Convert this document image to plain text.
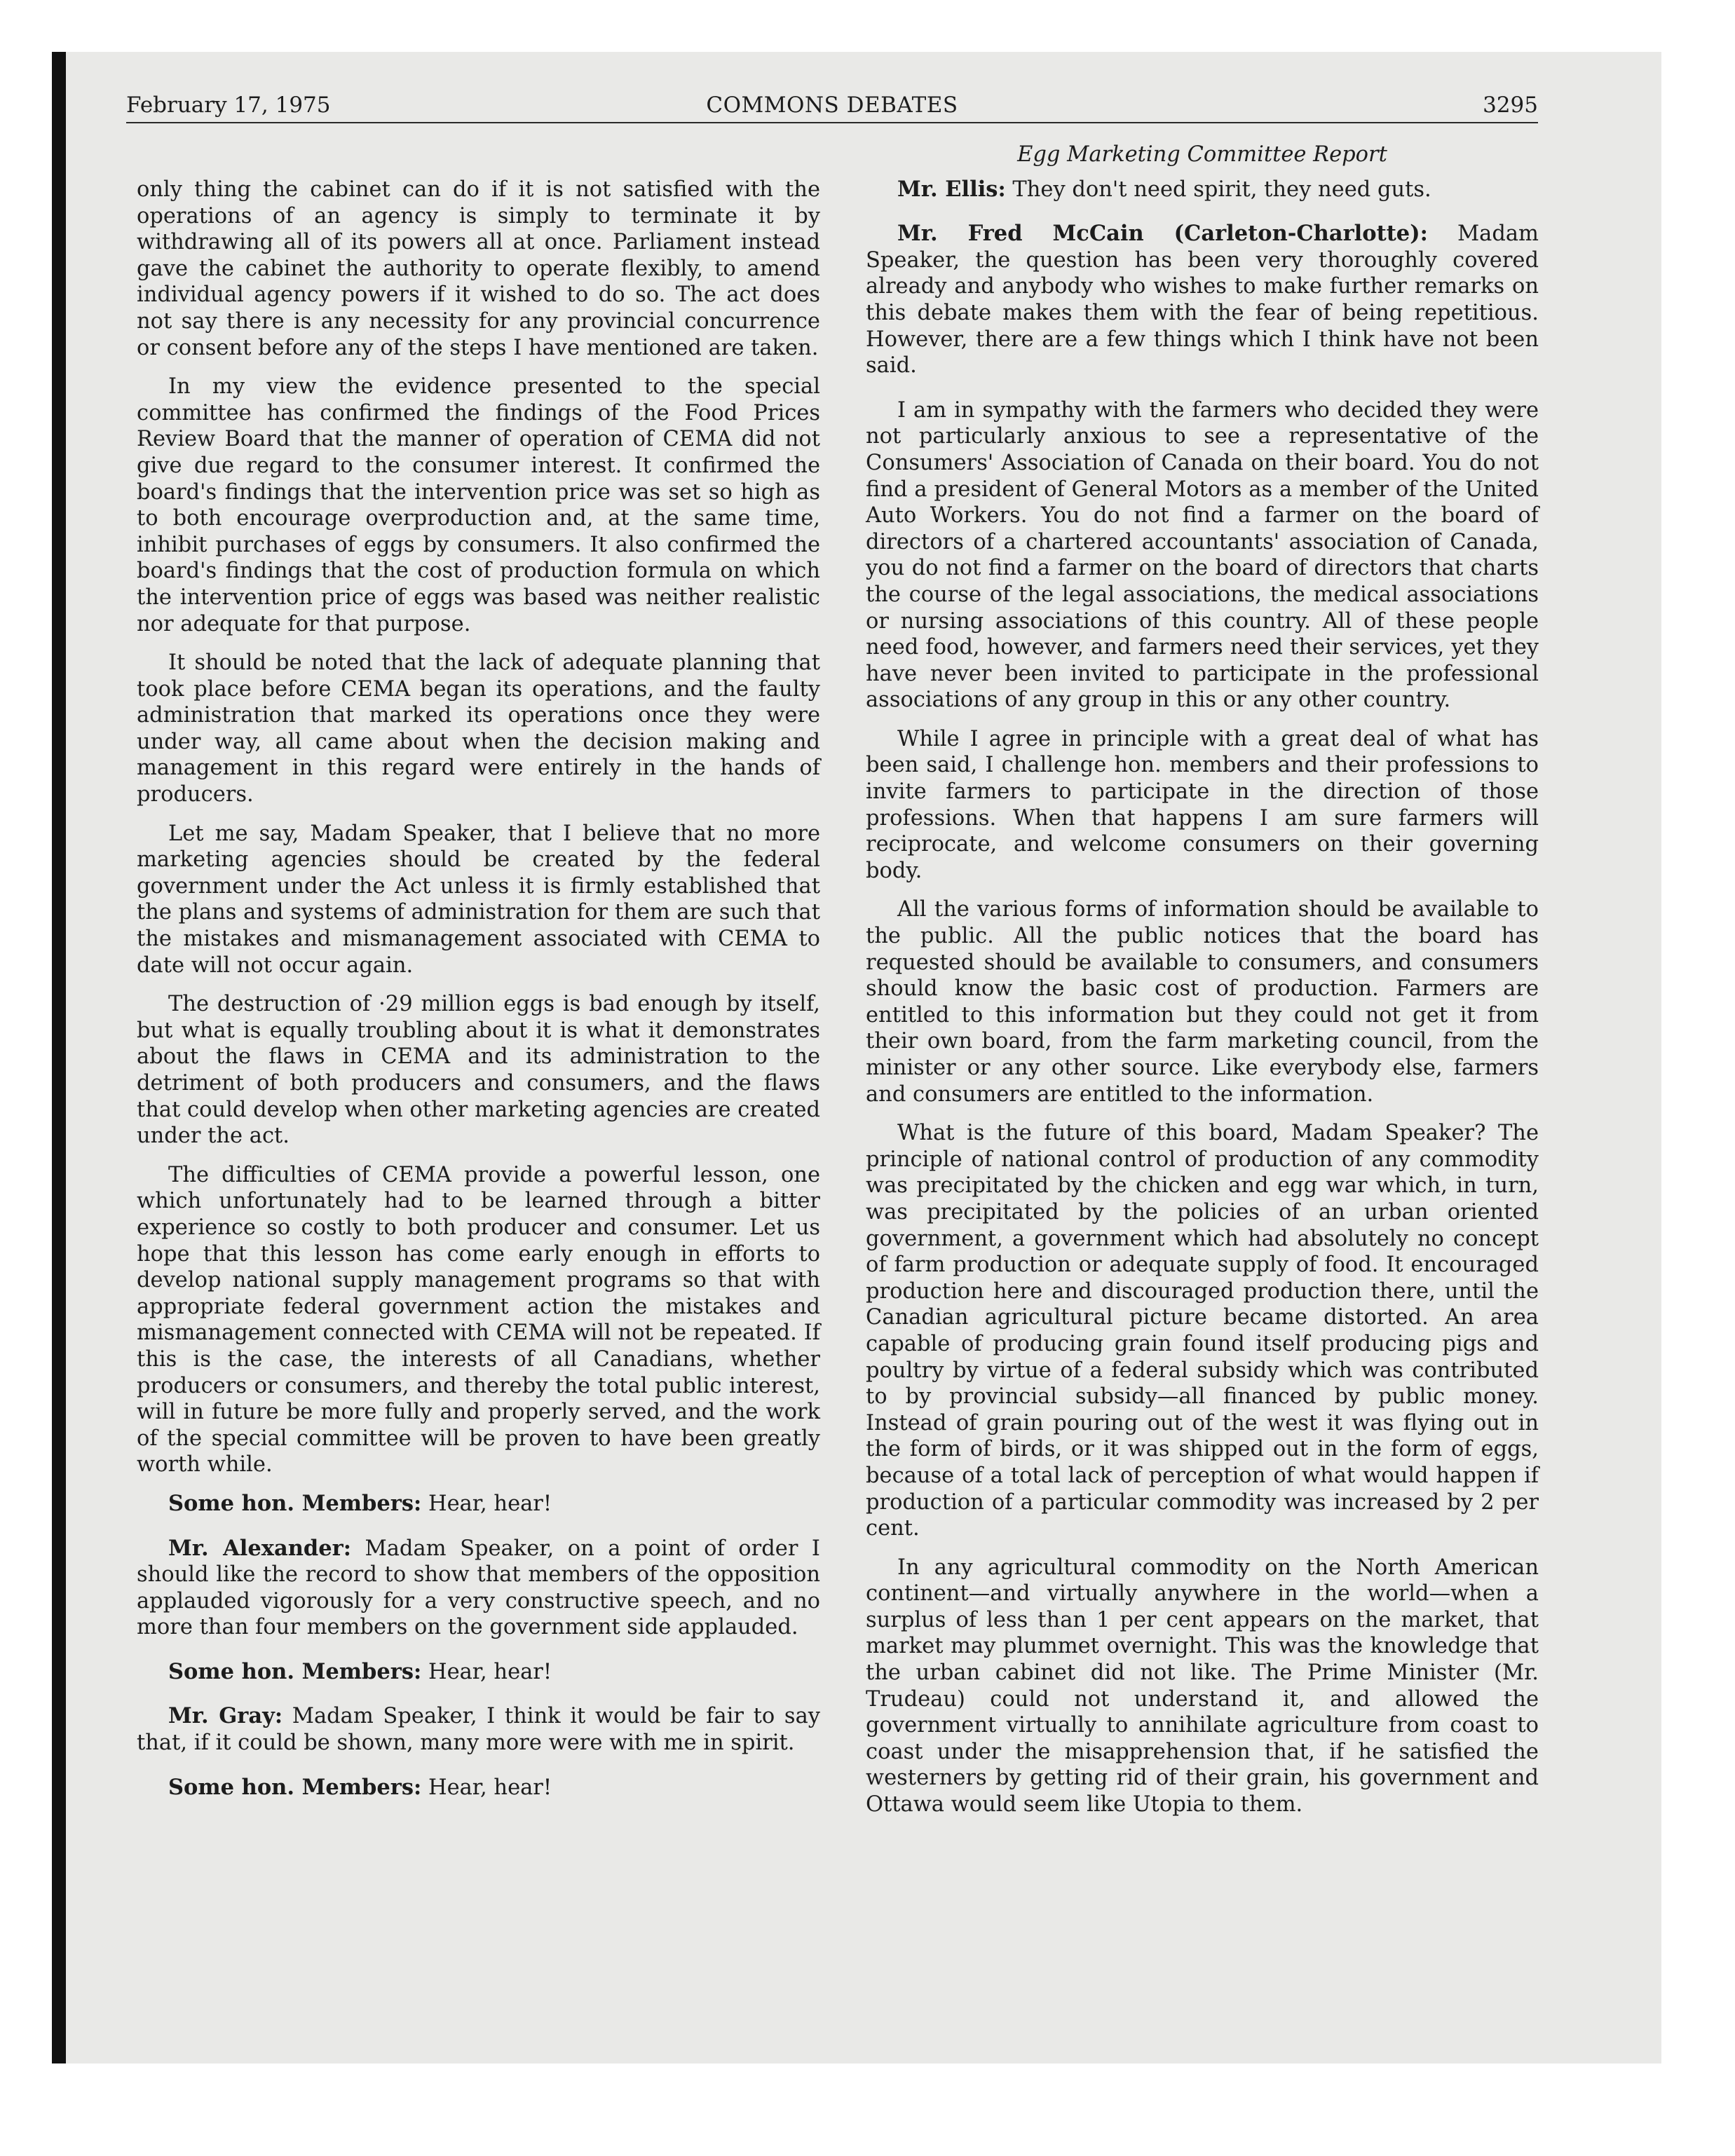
February 17, 1975	COMMONS DEBATES	3295

only thing the cabinet can do if it is not satisfied with the operations of an agency is simply to terminate it by withdrawing all of its powers all at once. Parliament instead gave the cabinet the authority to operate flexibly, to amend individual agency powers if it wished to do so. The act does not say there is any necessity for any provincial concurrence or consent before any of the steps I have mentioned are taken.

In my view the evidence presented to the special committee has confirmed the findings of the Food Prices Review Board that the manner of operation of CEMA did not give due regard to the consumer interest. It confirmed the board's findings that the intervention price was set so high as to both encourage overproduction and, at the same time, inhibit purchases of eggs by consumers. It also confirmed the board's findings that the cost of production formula on which the intervention price of eggs was based was neither realistic nor adequate for that purpose.

It should be noted that the lack of adequate planning that took place before CEMA began its operations, and the faulty administration that marked its operations once they were under way, all came about when the decision making and management in this regard were entirely in the hands of producers.

Let me say, Madam Speaker, that I believe that no more marketing agencies should be created by the federal government under the Act unless it is firmly established that the plans and systems of administration for them are such that the mistakes and mismanagement associated with CEMA to date will not occur again.

The destruction of ·29 million eggs is bad enough by itself, but what is equally troubling about it is what it demonstrates about the flaws in CEMA and its administration to the detriment of both producers and consumers, and the flaws that could develop when other marketing agencies are created under the act.

The difficulties of CEMA provide a powerful lesson, one which unfortunately had to be learned through a bitter experience so costly to both producer and consumer. Let us hope that this lesson has come early enough in efforts to develop national supply management programs so that with appropriate federal government action the mistakes and mismanagement connected with CEMA will not be repeated. If this is the case, the interests of all Canadians, whether producers or consumers, and thereby the total public interest, will in future be more fully and properly served, and the work of the special committee will be proven to have been greatly worth while.

Some hon. Members: Hear, hear!

Mr. Alexander: Madam Speaker, on a point of order I should like the record to show that members of the opposition applauded vigorously for a very constructive speech, and no more than four members on the government side applauded.

Some hon. Members: Hear, hear!

Mr. Gray: Madam Speaker, I think it would be fair to say that, if it could be shown, many more were with me in spirit.

Some hon. Members: Hear, hear!

Egg Marketing Committee Report

Mr. Ellis: They don't need spirit, they need guts.

Mr. Fred McCain (Carleton-Charlotte): Madam Speaker, the question has been very thoroughly covered already and anybody who wishes to make further remarks on this debate makes them with the fear of being repetitious. However, there are a few things which I think have not been said.

I am in sympathy with the farmers who decided they were not particularly anxious to see a representative of the Consumers' Association of Canada on their board. You do not find a president of General Motors as a member of the United Auto Workers. You do not find a farmer on the board of directors of a chartered accountants' association of Canada, you do not find a farmer on the board of directors that charts the course of the legal associations, the medical associations or nursing associations of this country. All of these people need food, however, and farmers need their services, yet they have never been invited to participate in the professional associations of any group in this or any other country.

While I agree in principle with a great deal of what has been said, I challenge hon. members and their professions to invite farmers to participate in the direction of those professions. When that happens I am sure farmers will reciprocate, and welcome consumers on their governing body.

All the various forms of information should be available to the public. All the public notices that the board has requested should be available to consumers, and consumers should know the basic cost of production. Farmers are entitled to this information but they could not get it from their own board, from the farm marketing council, from the minister or any other source. Like everybody else, farmers and consumers are entitled to the information.

What is the future of this board, Madam Speaker? The principle of national control of production of any commodity was precipitated by the chicken and egg war which, in turn, was precipitated by the policies of an urban oriented government, a government which had absolutely no concept of farm production or adequate supply of food. It encouraged production here and discouraged production there, until the Canadian agricultural picture became distorted. An area capable of producing grain found itself producing pigs and poultry by virtue of a federal subsidy which was contributed to by provincial subsidy—all financed by public money. Instead of grain pouring out of the west it was flying out in the form of birds, or it was shipped out in the form of eggs, because of a total lack of perception of what would happen if production of a particular commodity was increased by 2 per cent.

In any agricultural commodity on the North American continent—and virtually anywhere in the world—when a surplus of less than 1 per cent appears on the market, that market may plummet overnight. This was the knowledge that the urban cabinet did not like. The Prime Minister (Mr. Trudeau) could not understand it, and allowed the government virtually to annihilate agriculture from coast to coast under the misapprehension that, if he satisfied the westerners by getting rid of their grain, his government and Ottawa would seem like Utopia to them.
